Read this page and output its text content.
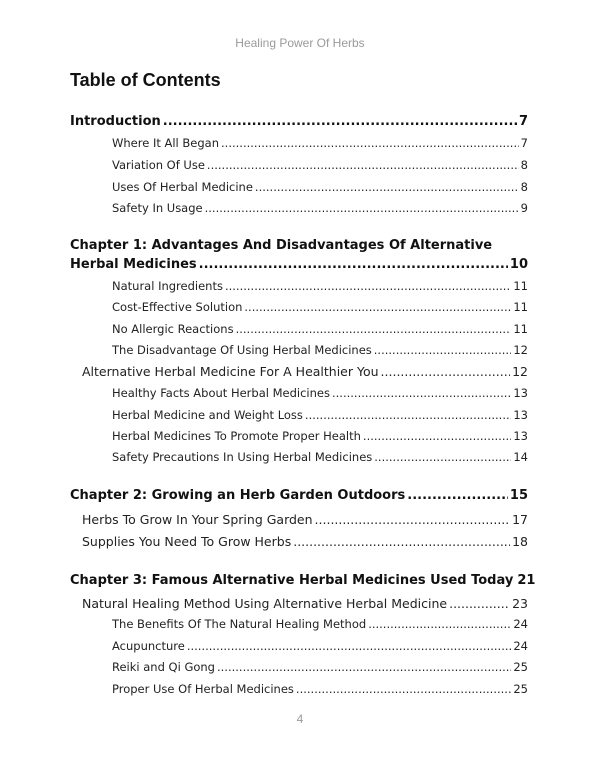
Healing Power Of Herbs
Table of Contents
Introduction .....	7
Where It All Began .....	7
Variation Of Use .....	8
Uses Of Herbal Medicine .....	8
Safety In Usage .....	9
Chapter 1: Advantages And Disadvantages Of Alternative
Herbal Medicines .....	10
Natural Ingredients .....	11
Cost-Effective Solution .....	11
No Allergic Reactions .....	11
The Disadvantage Of Using Herbal Medicines .....	12
Alternative Herbal Medicine For A Healthier You .....	12
Healthy Facts About Herbal Medicines .....	13
Herbal Medicine and Weight Loss .....	13
Herbal Medicines To Promote Proper Health .....	13
Safety Precautions In Using Herbal Medicines .....	14
Chapter 2: Growing an Herb Garden Outdoors .....	15
Herbs To Grow In Your Spring Garden .....	17
Supplies You Need To Grow Herbs .....	18
Chapter 3: Famous Alternative Herbal Medicines Used Today 21
Natural Healing Method Using Alternative Herbal Medicine .....	23
The Benefits Of The Natural Healing Method .....	24
Acupuncture .....	24
Reiki and Qi Gong .....	25
Proper Use Of Herbal Medicines .....	25
4
